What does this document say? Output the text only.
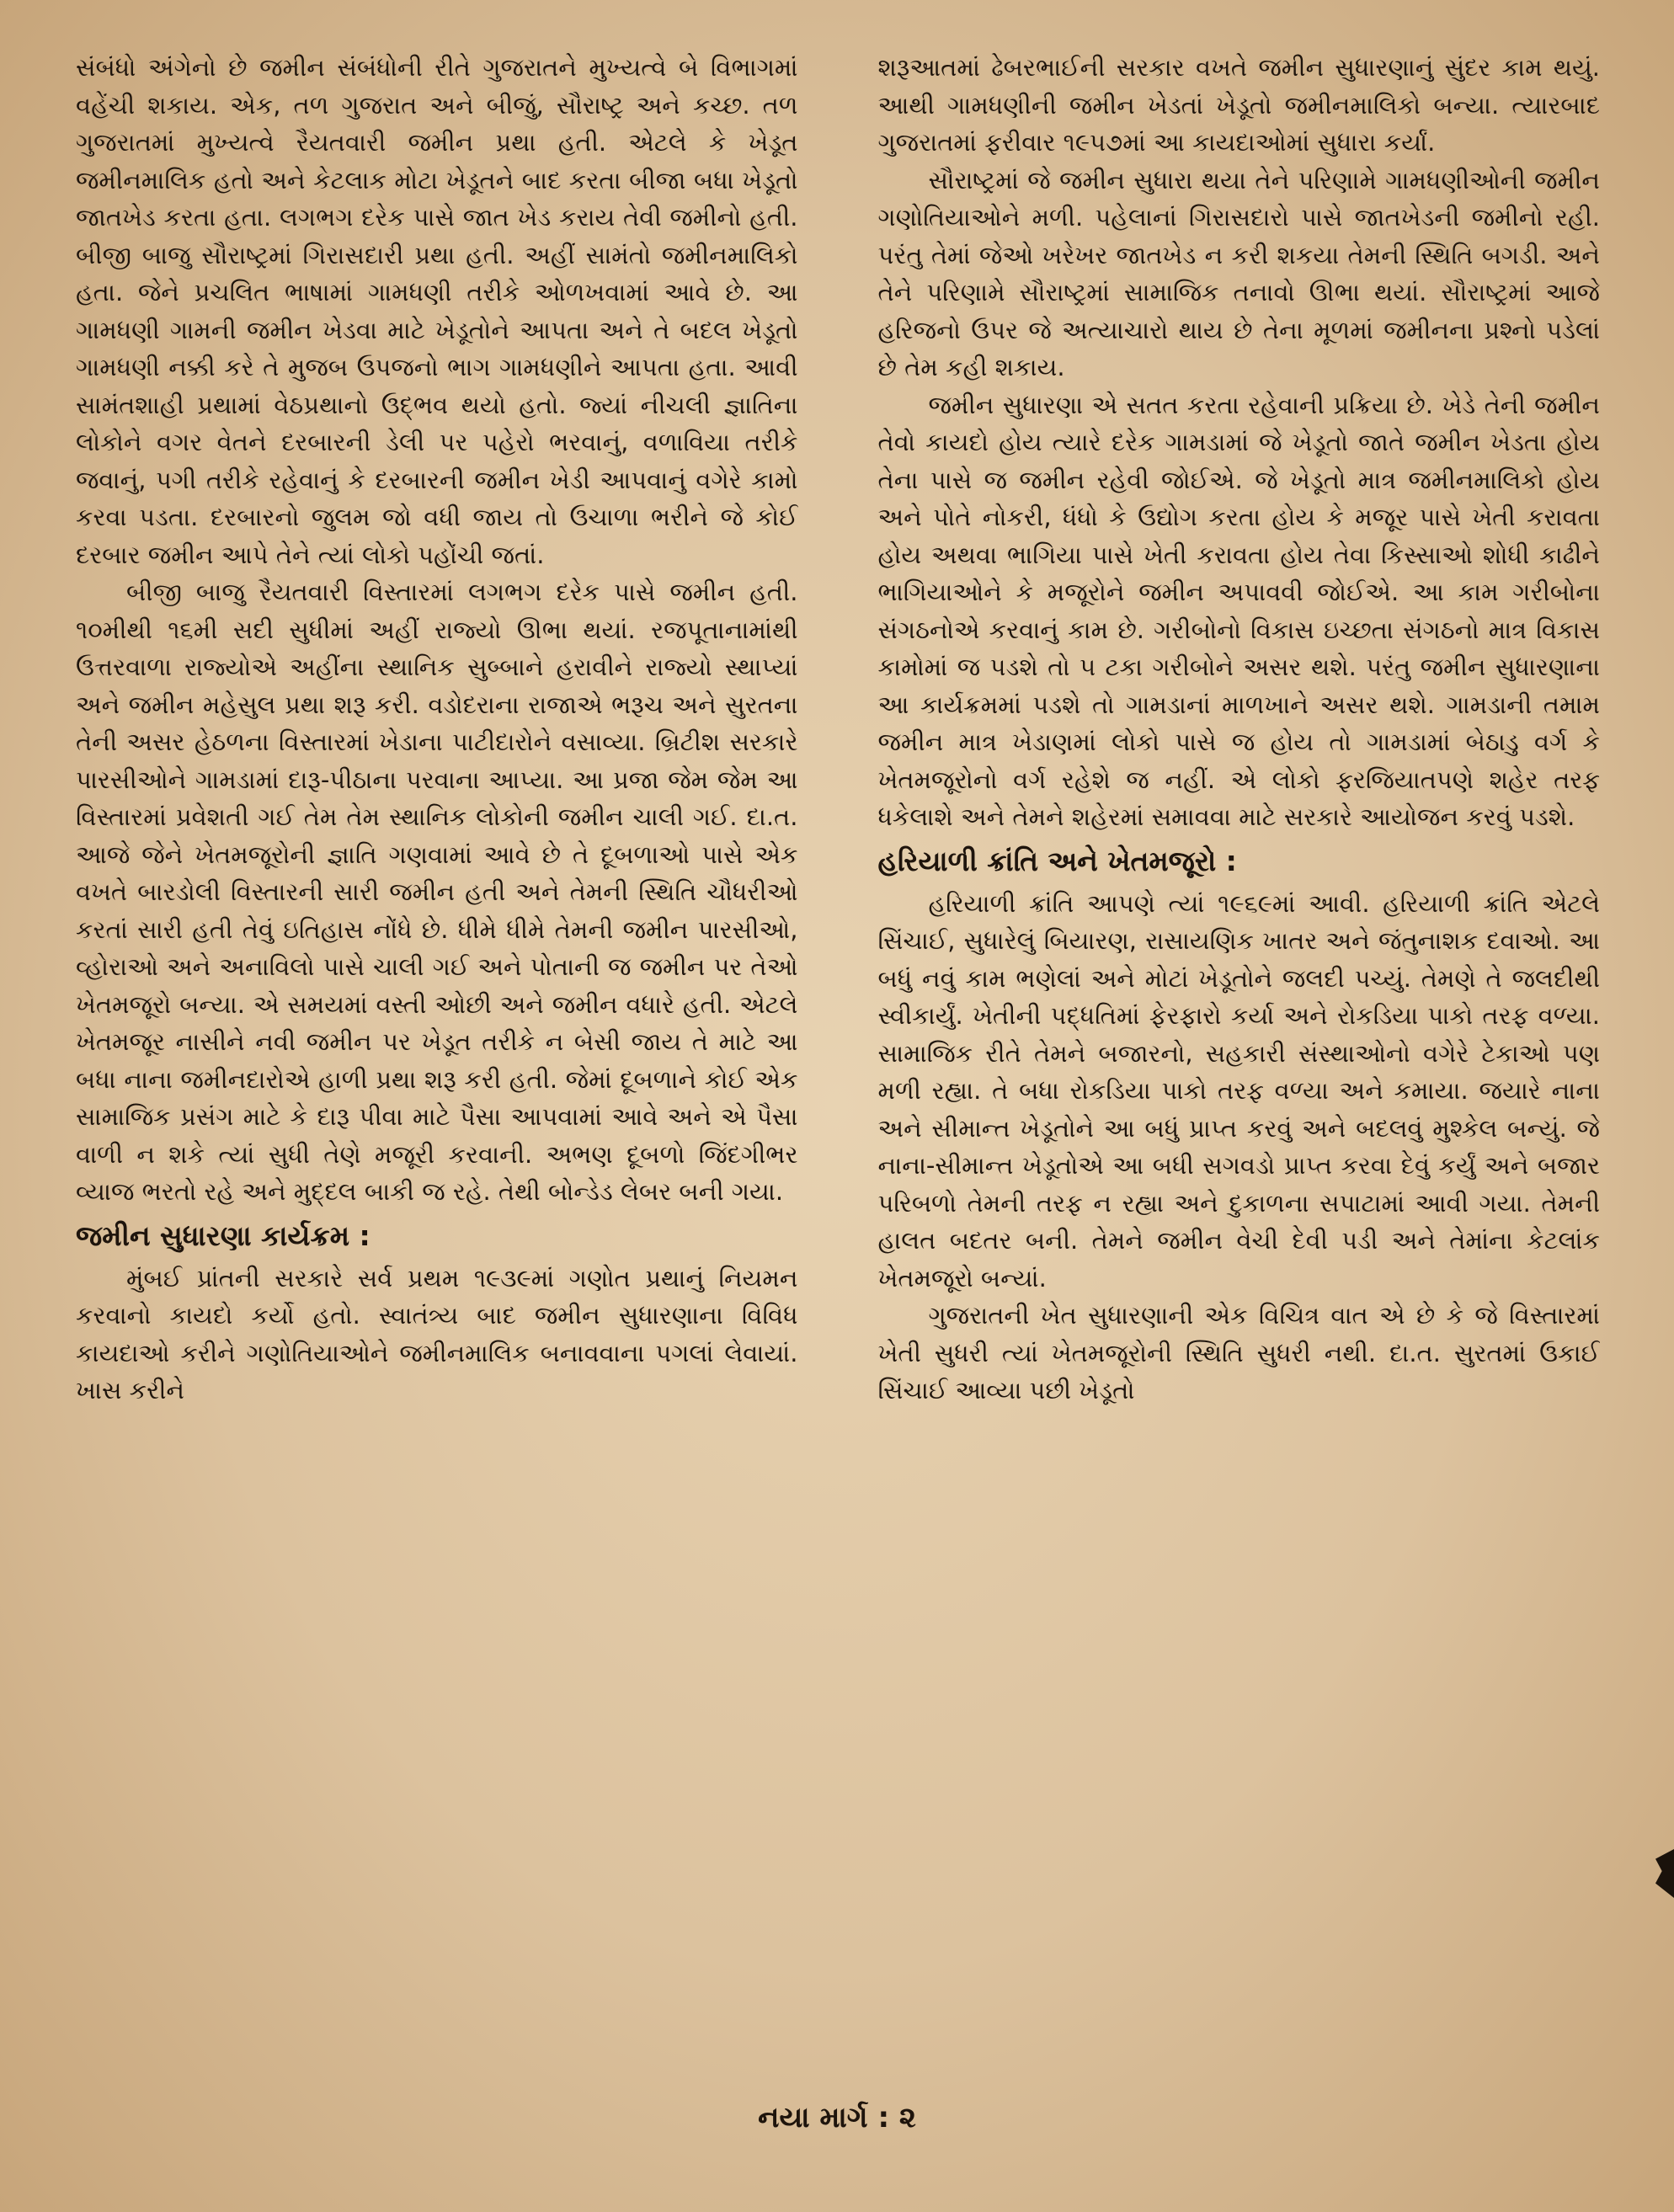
સંબંધો અંગેનો છે જમીન સંબંધોની રીતે ગુજરાતને મુખ્યત્વે બે વિભાગમાં વહેંચી શકાય. એક, તળ ગુજરાત અને બીજું, સૌરાષ્ટ્ર અને કચ્છ. તળ ગુજરાતમાં મુખ્યત્વે રૈયતવારી જમીન પ્રથા હતી. એટલે કે ખેડૂત જમીનમાલિક હતો અને કેટલાક મોટા ખેડૂતને બાદ કરતા બીજા બધા ખેડૂતો જાતખેડ કરતા હતા. લગભગ દરેક પાસે જાત ખેડ કરાય તેવી જમીનો હતી. બીજી બાજુ સૌરાષ્ટ્રમાં ગિરાસદારી પ્રથા હતી. અહીં સામંતો જમીનમાલિકો હતા. જેને પ્રચલિત ભાષામાં ગામધણી તરીકે ઓળખવામાં આવે છે. આ ગામધણી ગામની જમીન ખેડવા માટે ખેડૂતોને આપતા અને તે બદલ ખેડૂતો ગામધણી નક્કી કરે તે મુજબ ઉપજનો ભાગ ગામધણીને આપતા હતા. આવી સામંતશાહી પ્રથામાં વેઠપ્રથાનો ઉદ્ભવ થયો હતો. જ્યાં નીચલી જ્ઞાતિના લોકોને વગર વેતને દરબારની ડેલી પર પહેરો ભરવાનું, વળાવિયા તરીકે જવાનું, પગી તરીકે રહેવાનું કે દરબારની જમીન ખેડી આપવાનું વગેરે કામો કરવા પડતા. દરબારનો જુલમ જો વધી જાય તો ઉચાળા ભરીને જે કોઈ દરબાર જમીન આપે તેને ત્યાં લોકો પહોંચી જતાં.

બીજી બાજુ રૈયતવારી વિસ્તારમાં લગભગ દરેક પાસે જમીન હતી. ૧૦મીથી ૧૬મી સદી સુધીમાં અહીં રાજ્યો ઊભા થયાં. રજપૂતાનામાંથી ઉત્તરવાળા રાજ્યોએ અહીંના સ્થાનિક સુબ્બાને હરાવીને રાજ્યો સ્થાપ્યાં અને જમીન મહેસુલ પ્રથા શરૂ કરી. વડોદરાના રાજાએ ભરૂચ અને સુરતના તેની અસર હેઠળના વિસ્તારમાં ખેડાના પાટીદારોને વસાવ્યા. બ્રિટીશ સરકારે પારસીઓને ગામડામાં દારૂ-પીઠાના પરવાના આપ્યા. આ પ્રજા જેમ જેમ આ વિસ્તારમાં પ્રવેશતી ગઈ તેમ તેમ સ્થાનિક લોકોની જમીન ચાલી ગઈ. દા.ત. આજે જેને ખેતમજૂરોની જ્ઞાતિ ગણવામાં આવે છે તે દૂબળાઓ પાસે એક વખતે બારડોલી વિસ્તારની સારી જમીન હતી અને તેમની સ્થિતિ ચૌધરીઓ કરતાં સારી હતી તેવું ઇતિહાસ નોંધે છે. ધીમે ધીમે તેમની જમીન પારસીઓ, વ્હોરાઓ અને અનાવિલો પાસે ચાલી ગઈ અને પોતાની જ જમીન પર તેઓ ખેતમજૂરો બન્યા. એ સમયમાં વસ્તી ઓછી અને જમીન વધારે હતી. એટલે ખેતમજૂર નાસીને નવી જમીન પર ખેડૂત તરીકે ન બેસી જાય તે માટે આ બધા નાના જમીનદારોએ હાળી પ્રથા શરૂ કરી હતી. જેમાં દૂબળાને કોઈ એક સામાજિક પ્રસંગ માટે કે દારૂ પીવા માટે પૈસા આપવામાં આવે અને એ પૈસા વાળી ન શકે ત્યાં સુધી તેણે મજૂરી કરવાની. અભણ દૂબળો જિંદગીભર વ્યાજ ભરતો રહે અને મુદ્દલ બાકી જ રહે. તેથી બોન્ડેડ લેબર બની ગયા.

જમીન સુધારણા કાર્યક્રમ :

મુંબઈ પ્રાંતની સરકારે સર્વ પ્રથમ ૧૯૩૯માં ગણોત પ્રથાનું નિયમન કરવાનો કાયદો કર્યો હતો. સ્વાતંત્ર્ય બાદ જમીન સુધારણાના વિવિધ કાયદાઓ કરીને ગણોતિયાઓને જમીનમાલિક બનાવવાના પગલાં લેવાયાં. ખાસ કરીને

શરૂઆતમાં ઢેબરભાઈની સરકાર વખતે જમીન સુધારણાનું સુંદર કામ થયું. આથી ગામધણીની જમીન ખેડતાં ખેડૂતો જમીનમાલિકો બન્યા. ત્યારબાદ ગુજરાતમાં ફરીવાર ૧૯૫૭માં આ કાયદાઓમાં સુધારા કર્યાં.

સૌરાષ્ટ્રમાં જે જમીન સુધારા થયા તેને પરિણામે ગામધણીઓની જમીન ગણોતિયાઓને મળી. પહેલાનાં ગિરાસદારો પાસે જાતખેડની જમીનો રહી. પરંતુ તેમાં જેઓ ખરેખર જાતખેડ ન કરી શકયા તેમની સ્થિતિ બગડી. અને તેને પરિણામે સૌરાષ્ટ્રમાં સામાજિક તનાવો ઊભા થયાં. સૌરાષ્ટ્રમાં આજે હરિજનો ઉપર જે અત્યાચારો થાય છે તેના મૂળમાં જમીનના પ્રશ્નો પડેલાં છે તેમ કહી શકાય.

જમીન સુધારણા એ સતત કરતા રહેવાની પ્રક્રિયા છે. ખેડે તેની જમીન તેવો કાયદો હોય ત્યારે દરેક ગામડામાં જે ખેડૂતો જાતે જમીન ખેડતા હોય તેના પાસે જ જમીન રહેવી જોઈએ. જે ખેડૂતો માત્ર જમીનમાલિકો હોય અને પોતે નોકરી, ધંધો કે ઉદ્યોગ કરતા હોય કે મજૂર પાસે ખેતી કરાવતા હોય અથવા ભાગિયા પાસે ખેતી કરાવતા હોય તેવા કિસ્સાઓ શોધી કાઢીને ભાગિયાઓને કે મજૂરોને જમીન અપાવવી જોઈએ. આ કામ ગરીબોના સંગઠનોએ કરવાનું કામ છે. ગરીબોનો વિકાસ ઇચ્છતા સંગઠનો માત્ર વિકાસ કામોમાં જ પડશે તો ૫ ટકા ગરીબોને અસર થશે. પરંતુ જમીન સુધારણાના આ કાર્યક્રમમાં પડશે તો ગામડાનાં માળખાને અસર થશે. ગામડાની તમામ જમીન માત્ર ખેડાણમાં લોકો પાસે જ હોય તો ગામડામાં બેઠાડુ વર્ગ કે ખેતમજૂરોનો વર્ગ રહેશે જ નહીં. એ લોકો ફરજિયાતપણે શહેર તરફ ધકેલાશે અને તેમને શહેરમાં સમાવવા માટે સરકારે આયોજન કરવું પડશે.

હરિયાળી ક્રાંતિ અને ખેતમજૂરો :

હરિયાળી ક્રાંતિ આપણે ત્યાં ૧૯૬૯માં આવી. હરિયાળી ક્રાંતિ એટલે સિંચાઈ, સુધારેલું બિયારણ, રાસાયણિક ખાતર અને જંતુનાશક દવાઓ. આ બધું નવું કામ ભણેલાં અને મોટાં ખેડૂતોને જલદી પચ્યું. તેમણે તે જલદીથી સ્વીકાર્યું. ખેતીની પદ્ધતિમાં ફેરફારો કર્યા અને રોકડિયા પાકો તરફ વળ્યા. સામાજિક રીતે તેમને બજારનો, સહકારી સંસ્થાઓનો વગેરે ટેકાઓ પણ મળી રહ્યા. તે બધા રોકડિયા પાકો તરફ વળ્યા અને કમાયા. જયારે નાના અને સીમાન્ત ખેડૂતોને આ બધું પ્રાપ્ત કરવું અને બદલવું મુશ્કેલ બન્યું. જે નાના-સીમાન્ત ખેડૂતોએ આ બધી સગવડો પ્રાપ્ત કરવા દેવું કર્યું અને બજાર પરિબળો તેમની તરફ ન રહ્યા અને દુકાળના સપાટામાં આવી ગયા. તેમની હાલત બદતર બની. તેમને જમીન વેચી દેવી પડી અને તેમાંના કેટલાંક ખેતમજૂરો બન્યાં.

ગુજરાતની ખેત સુધારણાની એક વિચિત્ર વાત એ છે કે જે વિસ્તારમાં ખેતી સુધરી ત્યાં ખેતમજૂરોની સ્થિતિ સુધરી નથી. દા.ત. સુરતમાં ઉકાઈ સિંચાઈ આવ્યા પછી ખેડૂતો

નયા માર્ગ : ૨
